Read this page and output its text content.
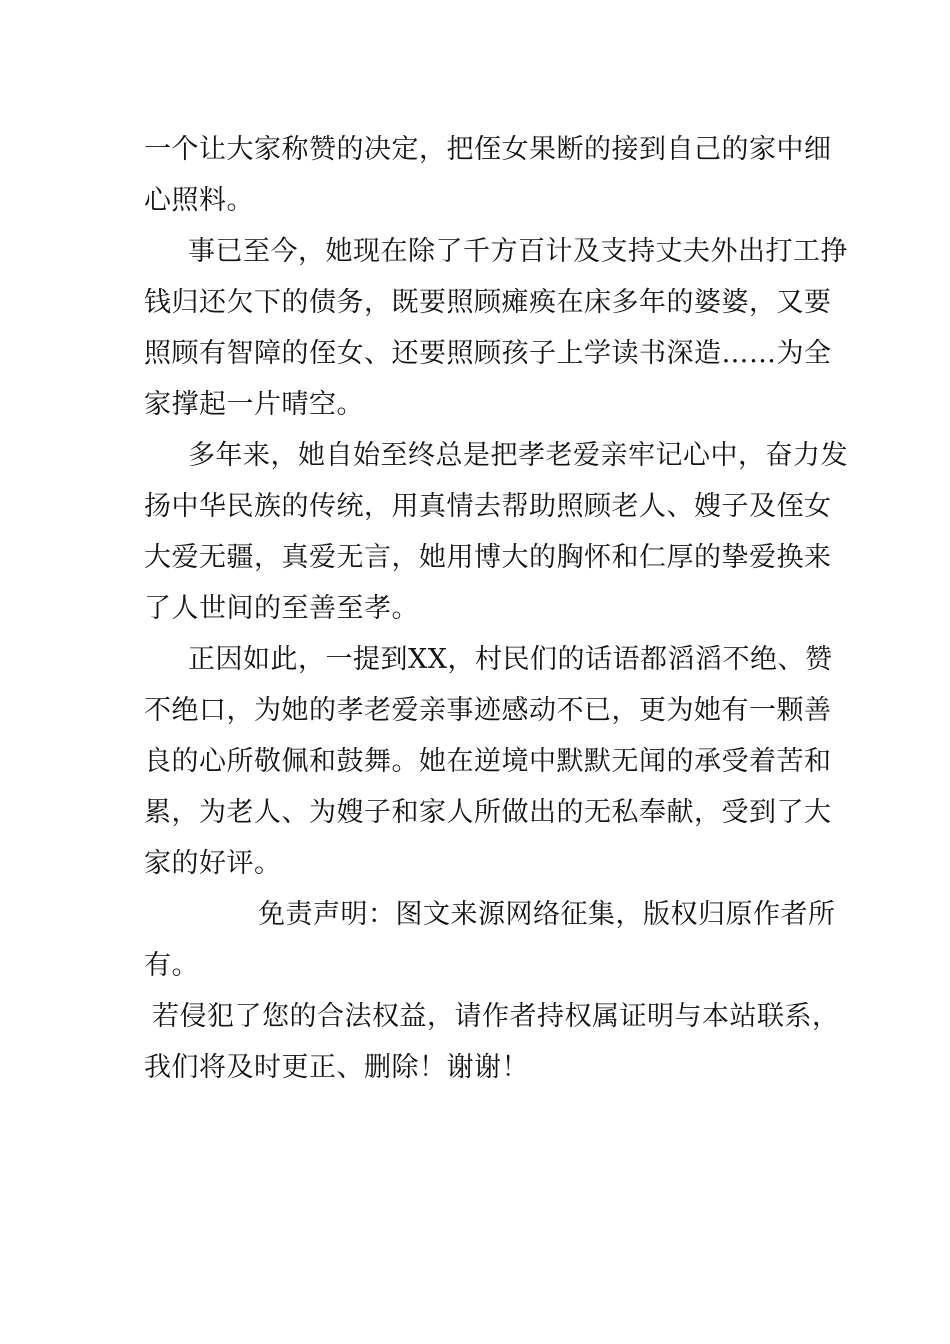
一个让大家称赞的决定，把侄女果断的接到自己的家中细
心照料。
事已至今，她现在除了千方百计及支持丈夫外出打工挣
钱归还欠下的债务，既要照顾瘫痪在床多年的婆婆，又要
照顾有智障的侄女、还要照顾孩子上学读书深造……为全
家撑起一片晴空。
多年来，她自始至终总是把孝老爱亲牢记心中，奋力发
扬中华民族的传统，用真情去帮助照顾老人、嫂子及侄女
大爱无疆，真爱无言，她用博大的胸怀和仁厚的挚爱换来
了人世间的至善至孝。
正因如此，一提到XX，村民们的话语都滔滔不绝、赞
不绝口，为她的孝老爱亲事迹感动不已，更为她有一颗善
良的心所敬佩和鼓舞。她在逆境中默默无闻的承受着苦和
累，为老人、为嫂子和家人所做出的无私奉献，受到了大
家的好评。
免责声明：图文来源网络征集，版权归原作者所
有。
若侵犯了您的合法权益，请作者持权属证明与本站联系，
我们将及时更正、删除！谢谢！
